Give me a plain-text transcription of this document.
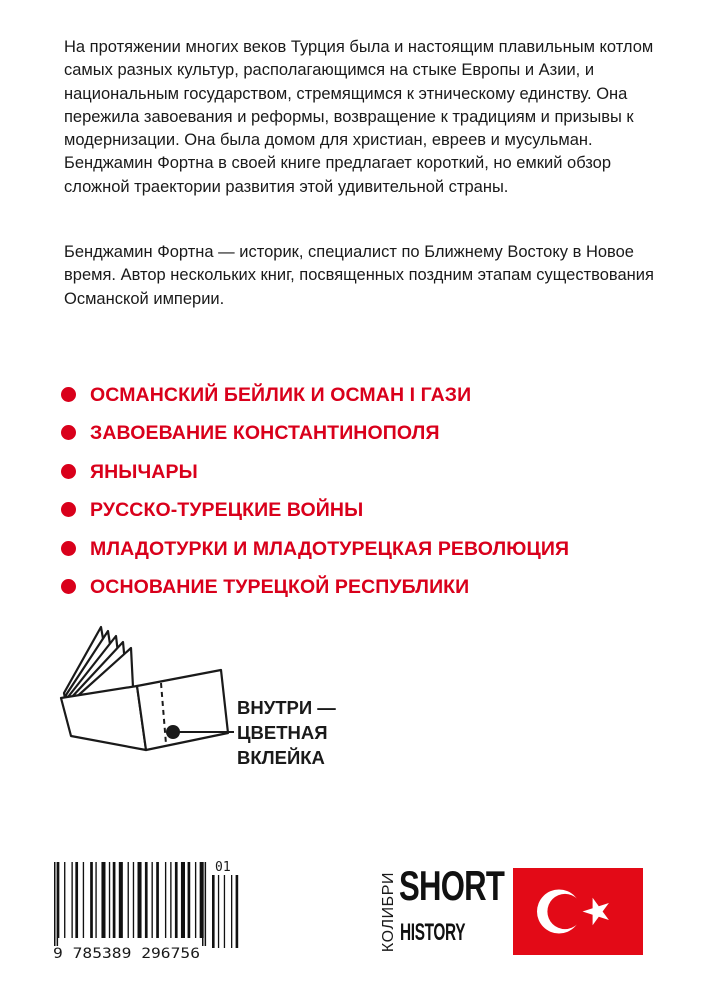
На протяжении многих веков Турция была и настоящим плавильным котлом самых разных культур, располагающимся на стыке Европы и Азии, и национальным государством, стремящимся к этническому единству. Она пережила завоевания и реформы, возвращение к традициям и призывы к модернизации. Она была домом для христиан, евреев и мусульман. Бенджамин Фортна в своей книге предлагает короткий, но емкий обзор сложной траектории развития этой удивительной страны.

Бенджамин Фортна — историк, специалист по Ближнему Востоку в Новое время. Автор нескольких книг, посвященных поздним этапам существования Османской империи.

ОСМАНСКИЙ БЕЙЛИК И ОСМАН I ГАЗИ
ЗАВОЕВАНИЕ КОНСТАНТИНОПОЛЯ
ЯНЫЧАРЫ
РУССКО-ТУРЕЦКИЕ ВОЙНЫ
МЛАДОТУРКИ И МЛАДОТУРЕЦКАЯ РЕВОЛЮЦИЯ
ОСНОВАНИЕ ТУРЕЦКОЙ РЕСПУБЛИКИ

ВНУТРИ —
ЦВЕТНАЯ
ВКЛЕЙКА

01
9 785389 296756
КОЛИБРИ SHORT

HISTORY
